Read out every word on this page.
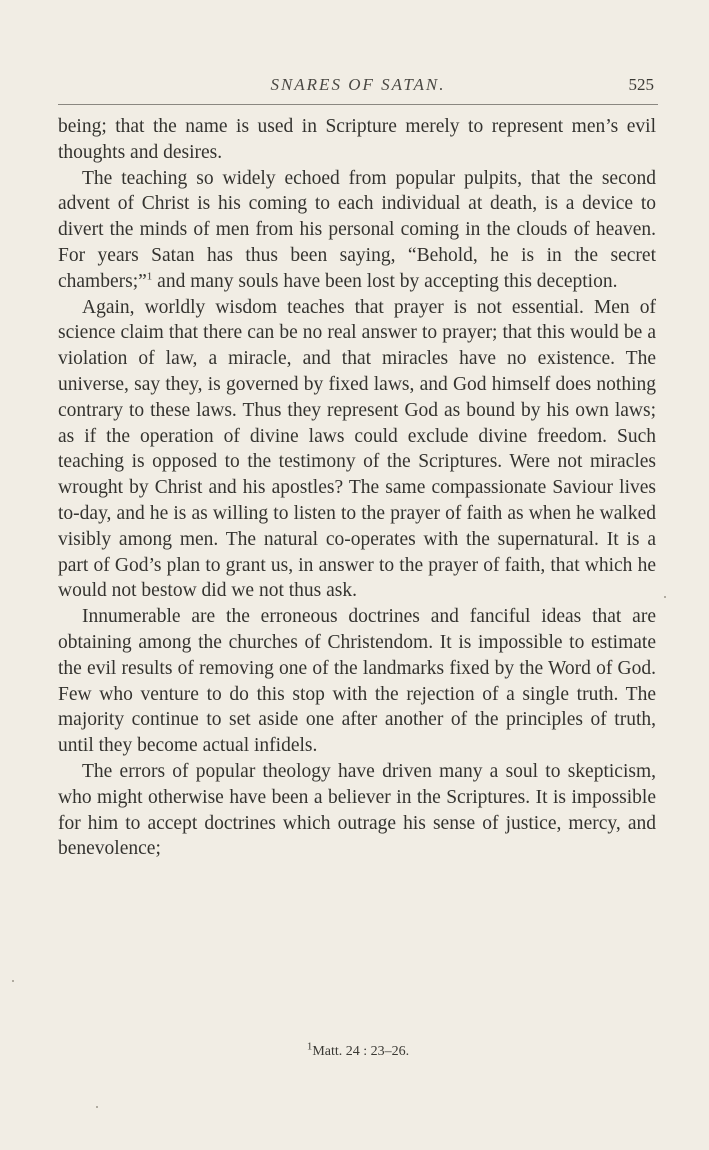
SNARES OF SATAN.	525

being; that the name is used in Scripture merely to represent men’s evil thoughts and desires.

The teaching so widely echoed from popular pulpits, that the second advent of Christ is his coming to each individual at death, is a device to divert the minds of men from his personal coming in the clouds of heaven. For years Satan has thus been saying, “Behold, he is in the secret chambers;”$^1$ and many souls have been lost by accepting this deception.

Again, worldly wisdom teaches that prayer is not essential. Men of science claim that there can be no real answer to prayer; that this would be a violation of law, a miracle, and that miracles have no existence. The universe, say they, is governed by fixed laws, and God himself does nothing contrary to these laws. Thus they represent God as bound by his own laws; as if the operation of divine laws could exclude divine freedom. Such teaching is opposed to the testimony of the Scriptures. Were not miracles wrought by Christ and his apostles? The same compassionate Saviour lives to-day, and he is as willing to listen to the prayer of faith as when he walked visibly among men. The natural co-operates with the supernatural. It is a part of God’s plan to grant us, in answer to the prayer of faith, that which he would not bestow did we not thus ask.

Innumerable are the erroneous doctrines and fanciful ideas that are obtaining among the churches of Christendom. It is impossible to estimate the evil results of removing one of the landmarks fixed by the Word of God. Few who venture to do this stop with the rejection of a single truth. The majority continue to set aside one after another of the principles of truth, until they become actual infidels.

The errors of popular theology have driven many a soul to skepticism, who might otherwise have been a believer in the Scriptures. It is impossible for him to accept doctrines which outrage his sense of justice, mercy, and benevolence;

$^1$Matt. 24 : 23–26.
